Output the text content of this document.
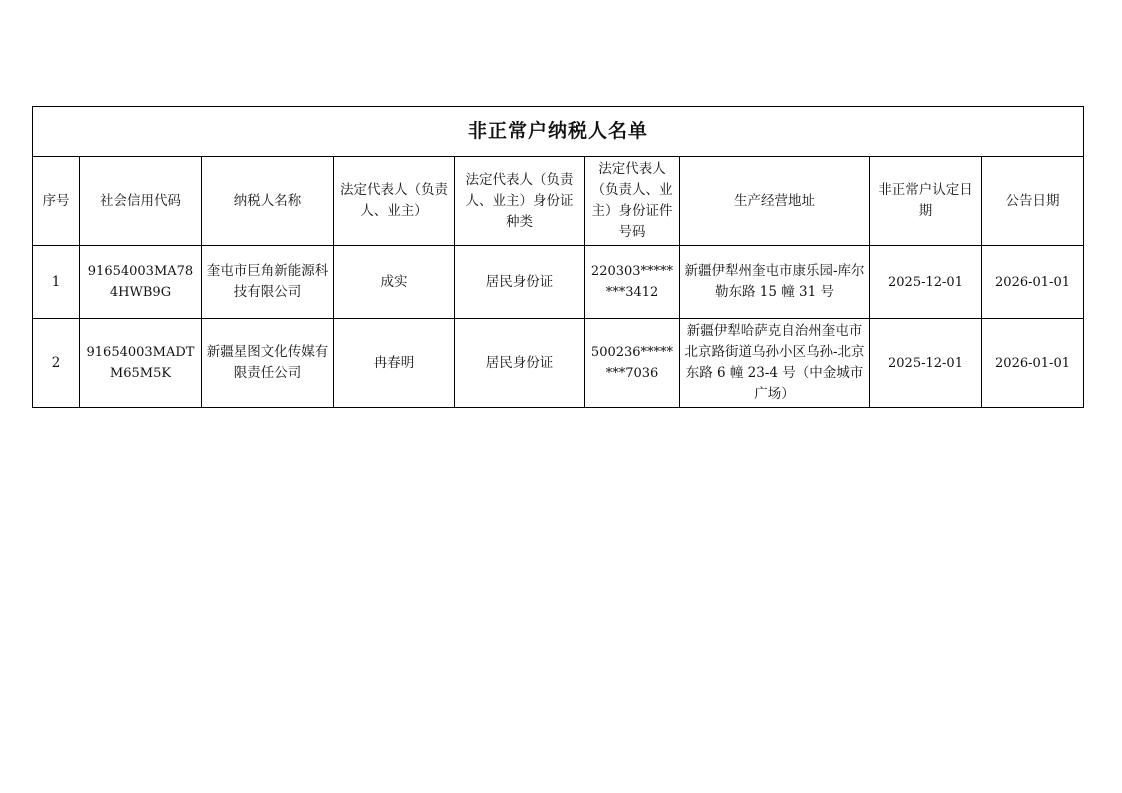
非正常户纳税人名单								
序号	社会信用代码	纳税人名称	法定代表人（负责人、业主）	法定代表人（负责人、业主）身份证种类	法定代表人（负责人、业主）身份证件号码	生产经营地址	非正常户认定日期	公告日期
1	91654003MA784HWB9G	奎屯市巨角新能源科技有限公司	成实	居民身份证	220303********3412	新疆伊犁州奎屯市康乐园-库尔勒东路 15 幢 31 号	2025-12-01	2026-01-01
2	91654003MADTM65M5K	新疆星图文化传媒有限责任公司	冉春明	居民身份证	500236********7036	新疆伊犁哈萨克自治州奎屯市北京路街道乌孙小区乌孙-北京东路 6 幢 23-4 号（中金城市广场）	2025-12-01	2026-01-01
